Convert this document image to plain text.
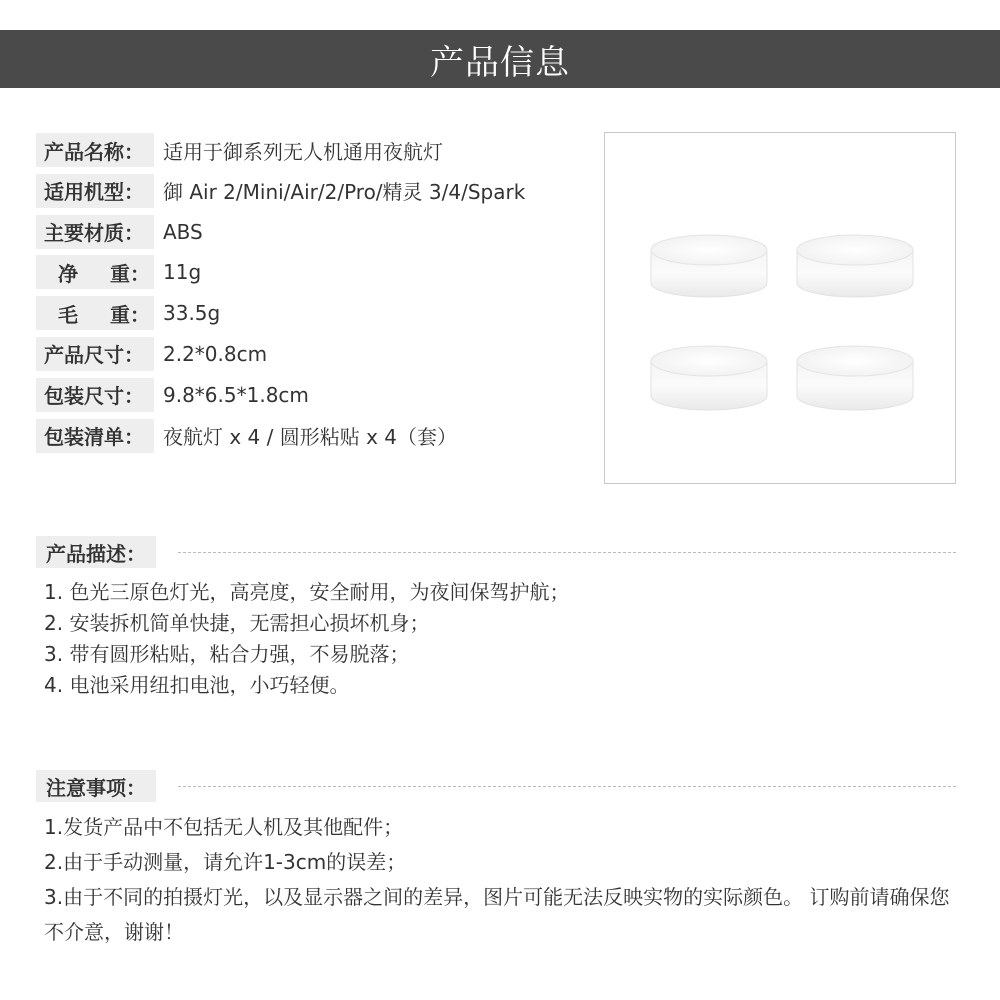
产品信息
产品名称： 适用于御系列无人机通用夜航灯
适用机型： 御 Air 2/Mini/Air/2/Pro/精灵 3/4/Spark
主要材质： ABS
净 重： 11g
毛 重： 33.5g
产品尺寸： 2.2*0.8cm
包装尺寸： 9.8*6.5*1.8cm
包装清单： 夜航灯 x 4 / 圆形粘贴 x 4（套）
产品描述：
1. 色光三原色灯光，高亮度，安全耐用，为夜间保驾护航；
2. 安装拆机简单快捷，无需担心损坏机身；
3. 带有圆形粘贴，粘合力强，不易脱落；
4. 电池采用纽扣电池，小巧轻便。
注意事项：
1.发货产品中不包括无人机及其他配件；
2.由于手动测量，请允许1-3cm的误差；
3.由于不同的拍摄灯光，以及显示器之间的差异，图片可能无法反映实物的实际颜色。 订购前请确保您不介意，谢谢！
